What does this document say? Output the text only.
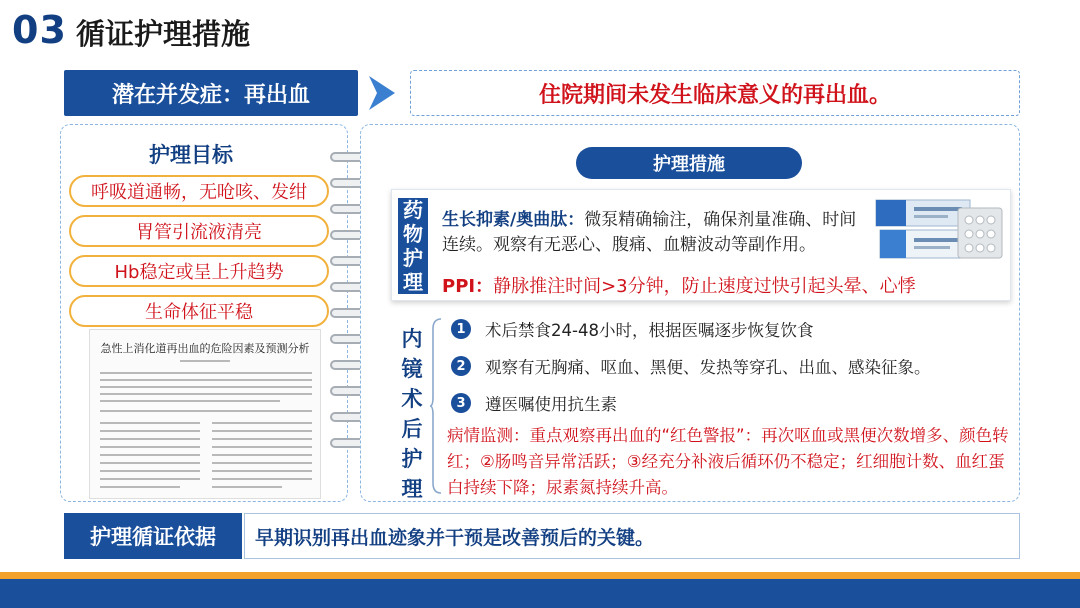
03 循证护理措施
潜在并发症：再出血	住院期间未发生临床意义的再出血。
护理目标
呼吸道通畅，无呛咳、发绀
胃管引流液清亮
Hb稳定或呈上升趋势
生命体征平稳
急性上消化道再出血的危险因素及预测分析
护理措施
药
物
护
理
生长抑素/奥曲肽：微泵精确输注，确保剂量准确、时间连续。观察有无恶心、腹痛、血糖波动等副作用。
PPI：静脉推注时间>3分钟，防止速度过快引起头晕、心悸
内
镜
术
后
护
理
1	术后禁食24-48小时，根据医嘱逐步恢复饮食
2	观察有无胸痛、呕血、黑便、发热等穿孔、出血、感染征象。
3	遵医嘱使用抗生素
病情监测：重点观察再出血的“红色警报”：再次呕血或黑便次数增多、颜色转红；②肠鸣音异常活跃；③经充分补液后循环仍不稳定；红细胞计数、血红蛋白持续下降；尿素氮持续升高。
护理循证依据	早期识别再出血迹象并干预是改善预后的关键。
